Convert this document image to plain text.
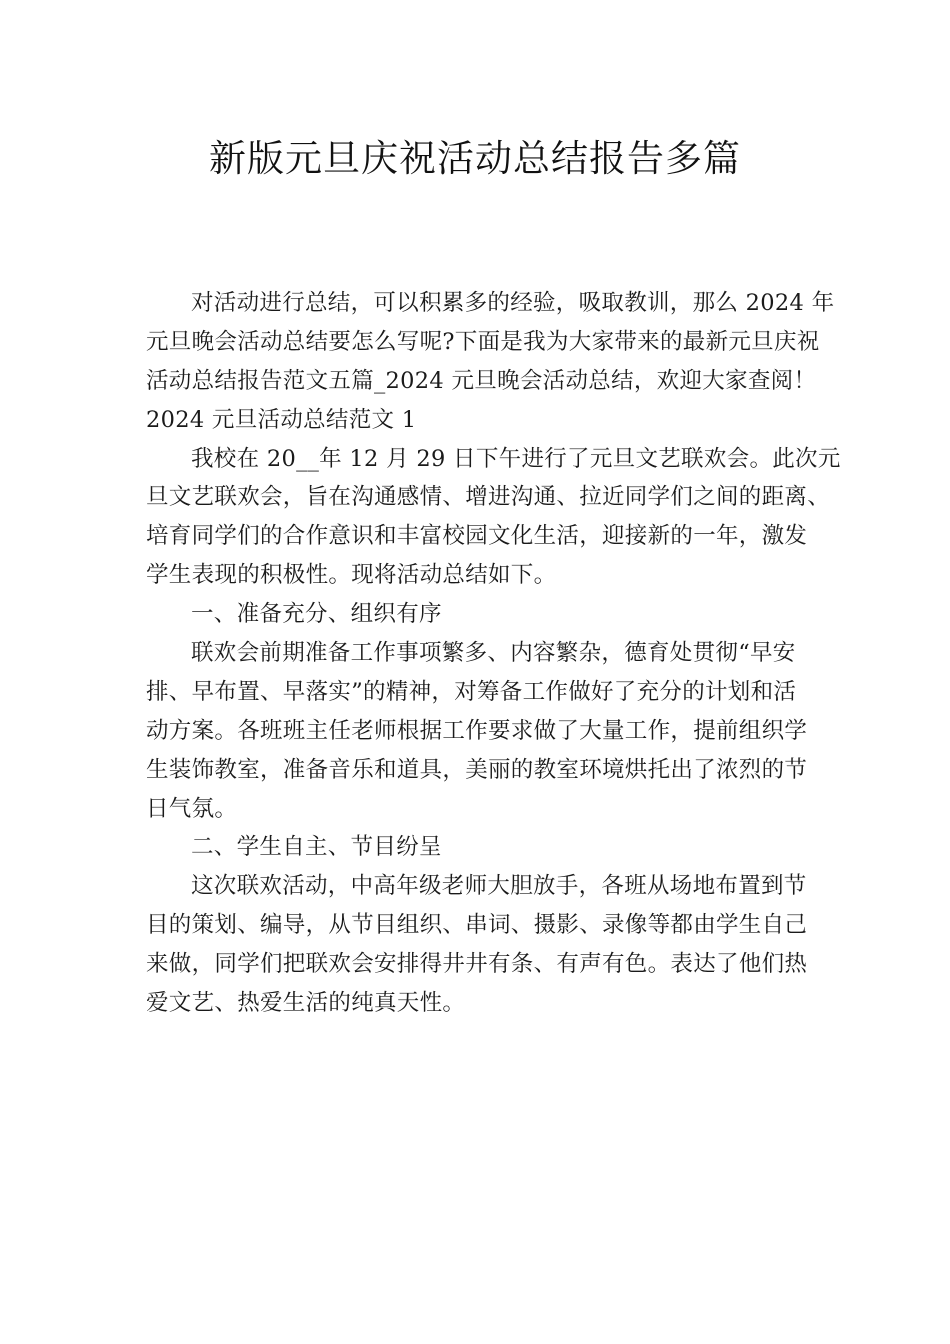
新版元旦庆祝活动总结报告多篇
对活动进行总结，可以积累多的经验，吸取教训，那么 2024 年
元旦晚会活动总结要怎么写呢?下面是我为大家带来的最新元旦庆祝
活动总结报告范文五篇_2024 元旦晚会活动总结，欢迎大家查阅！
2024 元旦活动总结范文 1
我校在 20__年 12 月 29 日下午进行了元旦文艺联欢会。此次元
旦文艺联欢会，旨在沟通感情、增进沟通、拉近同学们之间的距离、
培育同学们的合作意识和丰富校园文化生活，迎接新的一年，激发
学生表现的积极性。现将活动总结如下。
一、准备充分、组织有序
联欢会前期准备工作事项繁多、内容繁杂，德育处贯彻“早安
排、早布置、早落实”的精神，对筹备工作做好了充分的计划和活
动方案。各班班主任老师根据工作要求做了大量工作，提前组织学
生装饰教室，准备音乐和道具，美丽的教室环境烘托出了浓烈的节
日气氛。
二、学生自主、节目纷呈
这次联欢活动，中高年级老师大胆放手，各班从场地布置到节
目的策划、编导，从节目组织、串词、摄影、录像等都由学生自己
来做，同学们把联欢会安排得井井有条、有声有色。表达了他们热
爱文艺、热爱生活的纯真天性。
